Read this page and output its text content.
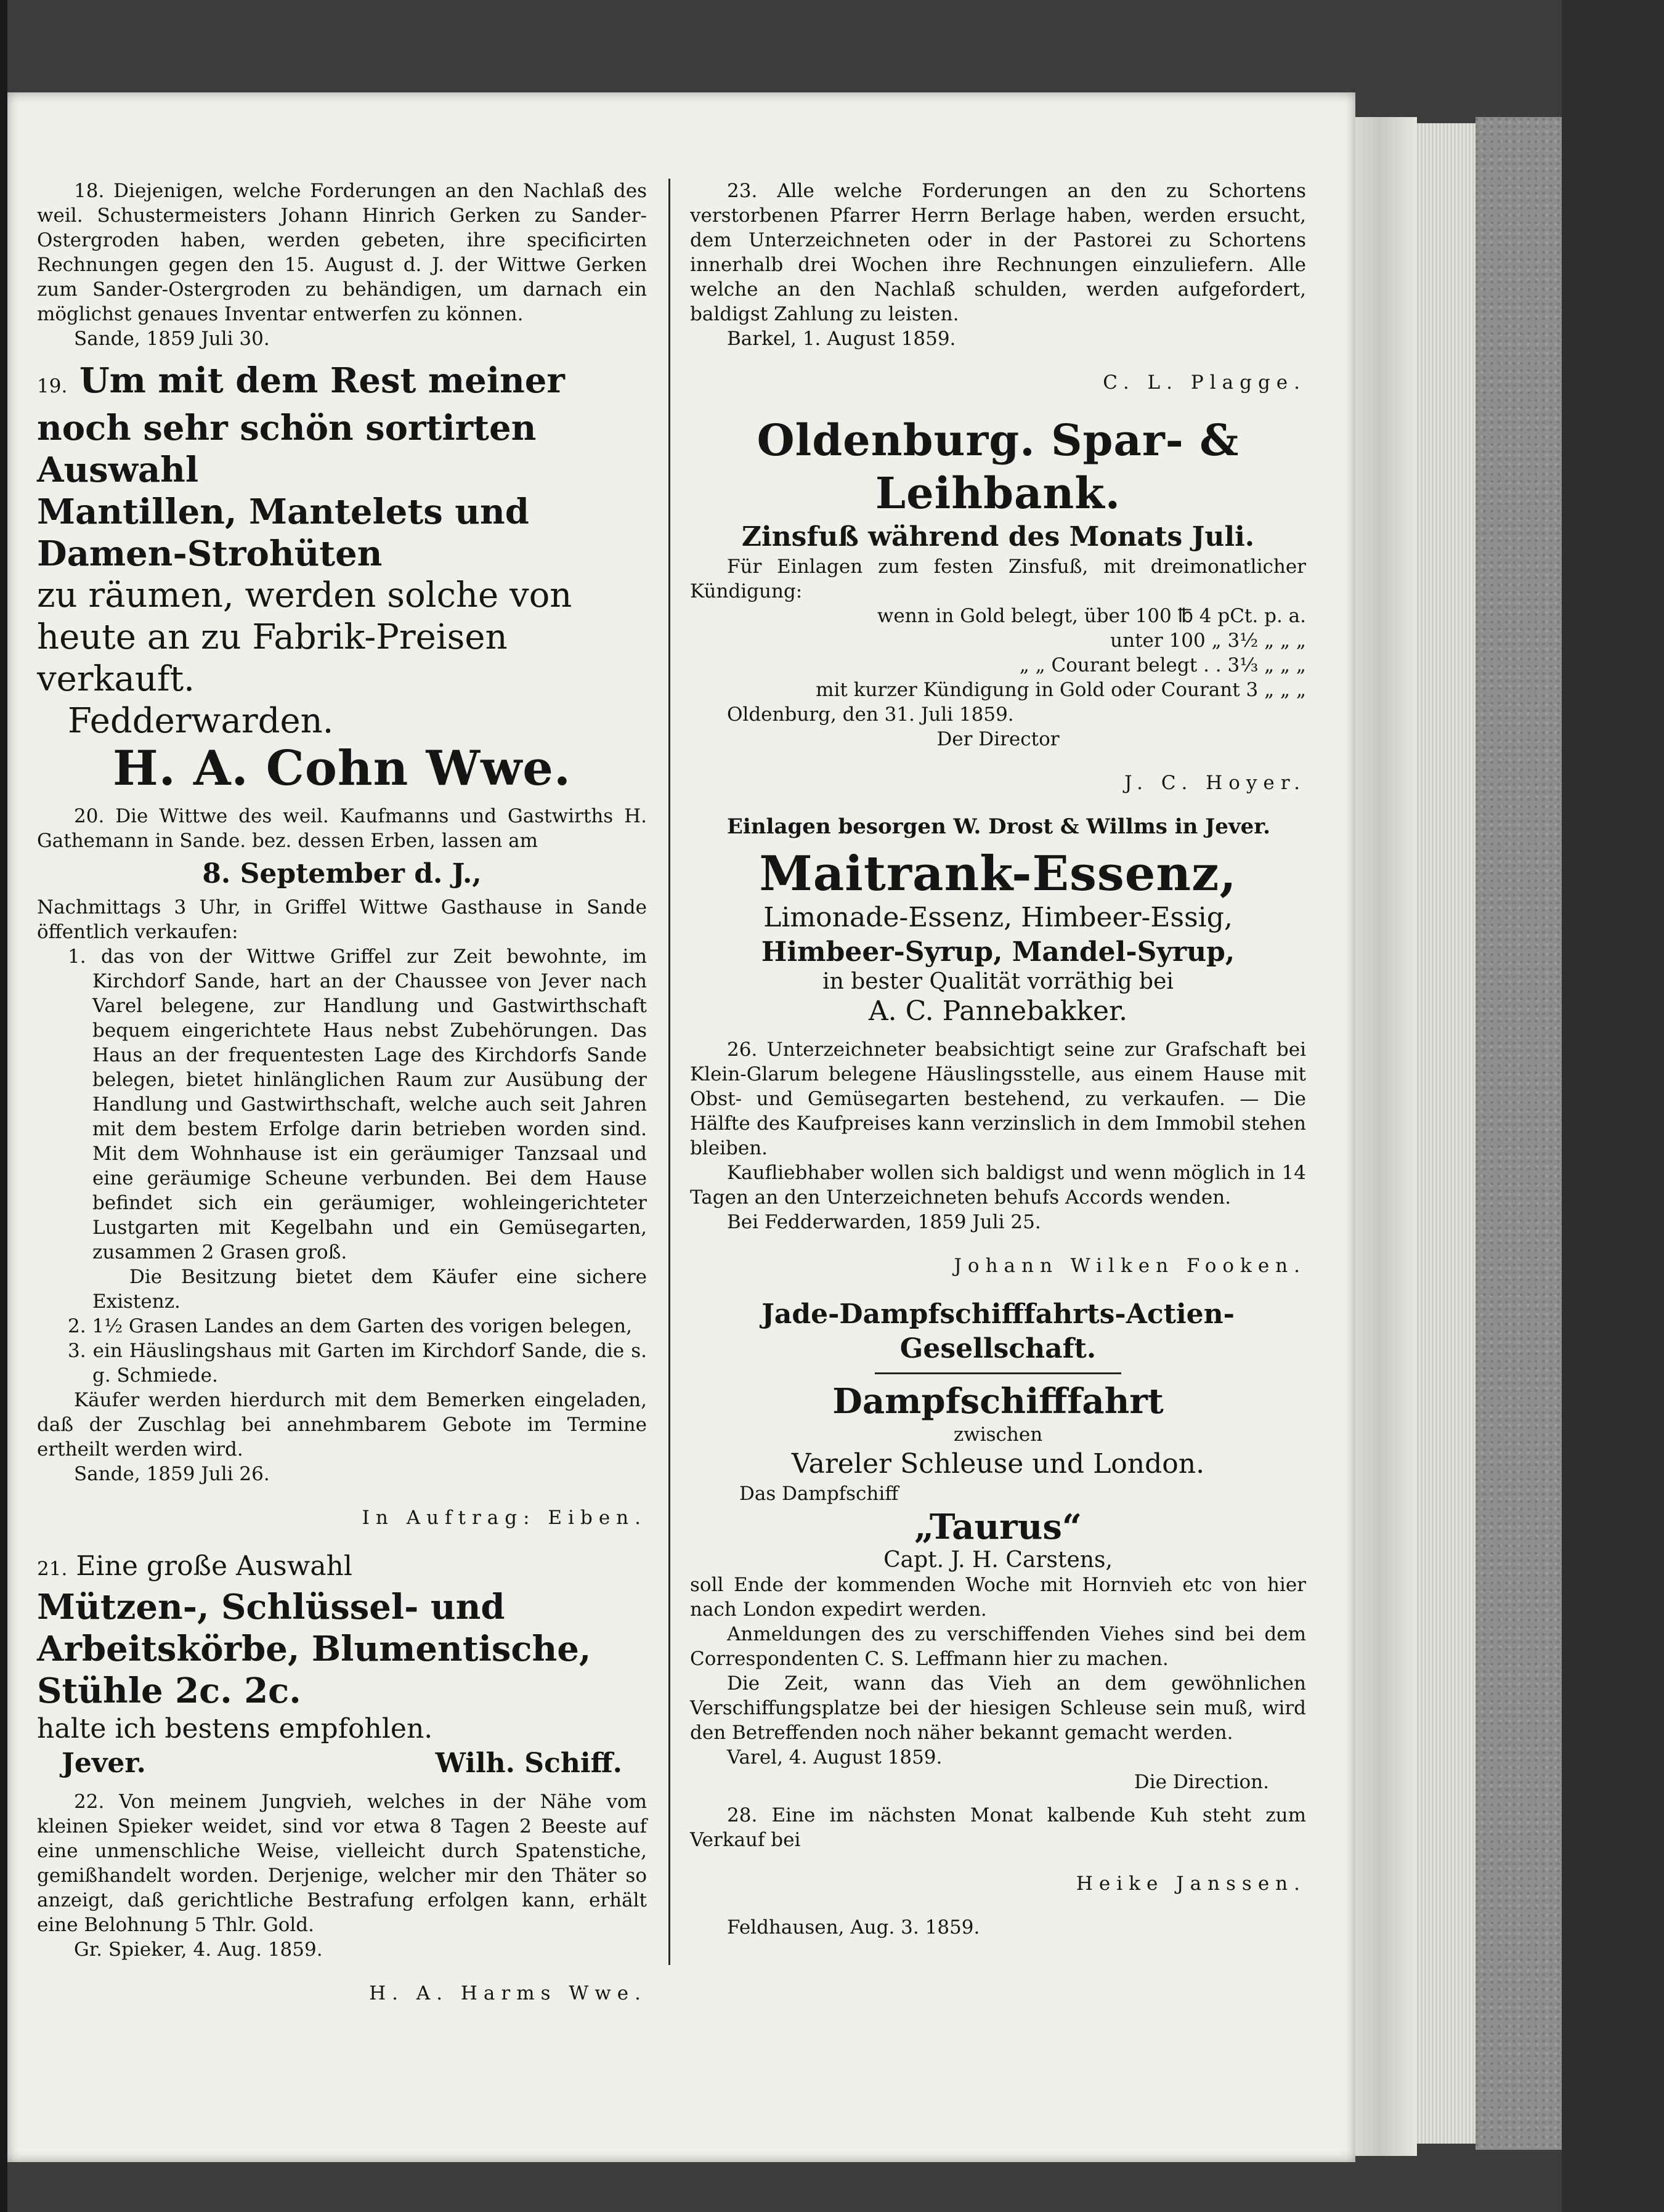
18. Diejenigen, welche Forderungen an den Nachlaß des weil. Schustermeisters Johann Hinrich Gerken zu Sander-Ostergroden haben, werden gebeten, ihre specificirten Rechnungen gegen den 15. August d. J. der Wittwe Gerken zum Sander-Ostergroden zu behändigen, um darnach ein möglichst genaues Inventar entwerfen zu können.

Sande, 1859 Juli 30.

19. Um mit dem Rest meiner noch sehr schön sortirten Auswahl

Mantillen, Mantelets und Damen-Strohüten

zu räumen, werden solche von heute an zu Fabrik-Preisen verkauft.

Fedderwarden.

H. A. Cohn Wwe.

20. Die Wittwe des weil. Kaufmanns und Gastwirths H. Gathemann in Sande. bez. dessen Erben, lassen am

8. September d. J.,

Nachmittags 3 Uhr, in Griffel Wittwe Gasthause in Sande öffentlich verkaufen:

1. das von der Wittwe Griffel zur Zeit bewohnte, im Kirchdorf Sande, hart an der Chaussee von Jever nach Varel belegene, zur Handlung und Gastwirthschaft bequem eingerichtete Haus nebst Zubehörungen. Das Haus an der frequentesten Lage des Kirchdorfs Sande belegen, bietet hinlänglichen Raum zur Ausübung der Handlung und Gastwirthschaft, welche auch seit Jahren mit dem bestem Erfolge darin betrieben worden sind. Mit dem Wohnhause ist ein geräumiger Tanzsaal und eine geräumige Scheune verbunden. Bei dem Hause befindet sich ein geräumiger, wohleingerichteter Lustgarten mit Kegelbahn und ein Gemüsegarten, zusammen 2 Grasen groß.

Die Besitzung bietet dem Käufer eine sichere Existenz.

2. 1½ Grasen Landes an dem Garten des vorigen belegen,

3. ein Häuslingshaus mit Garten im Kirchdorf Sande, die s. g. Schmiede.

Käufer werden hierdurch mit dem Bemerken eingeladen, daß der Zuschlag bei annehmbarem Gebote im Termine ertheilt werden wird.

Sande, 1859 Juli 26.

In Auftrag: Eiben.

21. Eine große Auswahl

Mützen-, Schlüssel- und Arbeitskörbe, Blumentische, Stühle 2c. 2c.

halte ich bestens empfohlen.

Jever.	Wilh. Schiff.

22. Von meinem Jungvieh, welches in der Nähe vom kleinen Spieker weidet, sind vor etwa 8 Tagen 2 Beeste auf eine unmenschliche Weise, vielleicht durch Spatenstiche, gemißhandelt worden. Derjenige, welcher mir den Thäter so anzeigt, daß gerichtliche Bestrafung erfolgen kann, erhält eine Belohnung 5 Thlr. Gold.

Gr. Spieker, 4. Aug. 1859.

H. A. Harms Wwe.

23. Alle welche Forderungen an den zu Schortens verstorbenen Pfarrer Herrn Berlage haben, werden ersucht, dem Unterzeichneten oder in der Pastorei zu Schortens innerhalb drei Wochen ihre Rechnungen einzuliefern. Alle welche an den Nachlaß schulden, werden aufgefordert, baldigst Zahlung zu leisten.

Barkel, 1. August 1859.

C. L. Plagge.

Oldenburg. Spar- & Leihbank.

Zinsfuß während des Monats Juli.

Für Einlagen zum festen Zinsfuß, mit dreimonatlicher Kündigung:

wenn in Gold belegt, über 100 ℔ 4 pCt. p. a.

unter 100 „ 3½ „ „ „

„ „ Courant belegt . . 3⅓ „ „ „

mit kurzer Kündigung in Gold oder Courant 3 „ „ „

Oldenburg, den 31. Juli 1859.

Der Director

J. C. Hoyer.

Einlagen besorgen W. Drost & Willms in Jever.

Maitrank-Essenz,

Limonade-Essenz, Himbeer-Essig,

Himbeer-Syrup, Mandel-Syrup,

in bester Qualität vorräthig bei

A. C. Pannebakker.

26. Unterzeichneter beabsichtigt seine zur Grafschaft bei Klein-Glarum belegene Häuslingsstelle, aus einem Hause mit Obst- und Gemüsegarten bestehend, zu verkaufen. — Die Hälfte des Kaufpreises kann verzinslich in dem Immobil stehen bleiben.

Kaufliebhaber wollen sich baldigst und wenn möglich in 14 Tagen an den Unterzeichneten behufs Accords wenden.

Bei Fedderwarden, 1859 Juli 25.

Johann Wilken Fooken.

Jade-Dampfschifffahrts-Actien-Gesellschaft.

Dampfschifffahrt

zwischen

Vareler Schleuse und London.

Das Dampfschiff

„Taurus“

Capt. J. H. Carstens,

soll Ende der kommenden Woche mit Hornvieh etc von hier nach London expedirt werden.

Anmeldungen des zu verschiffenden Viehes sind bei dem Correspondenten C. S. Leffmann hier zu machen.

Die Zeit, wann das Vieh an dem gewöhnlichen Verschiffungsplatze bei der hiesigen Schleuse sein muß, wird den Betreffenden noch näher bekannt gemacht werden.

Varel, 4. August 1859.

Die Direction.

28. Eine im nächsten Monat kalbende Kuh steht zum Verkauf bei

Heike Janssen.

Feldhausen, Aug. 3. 1859.
